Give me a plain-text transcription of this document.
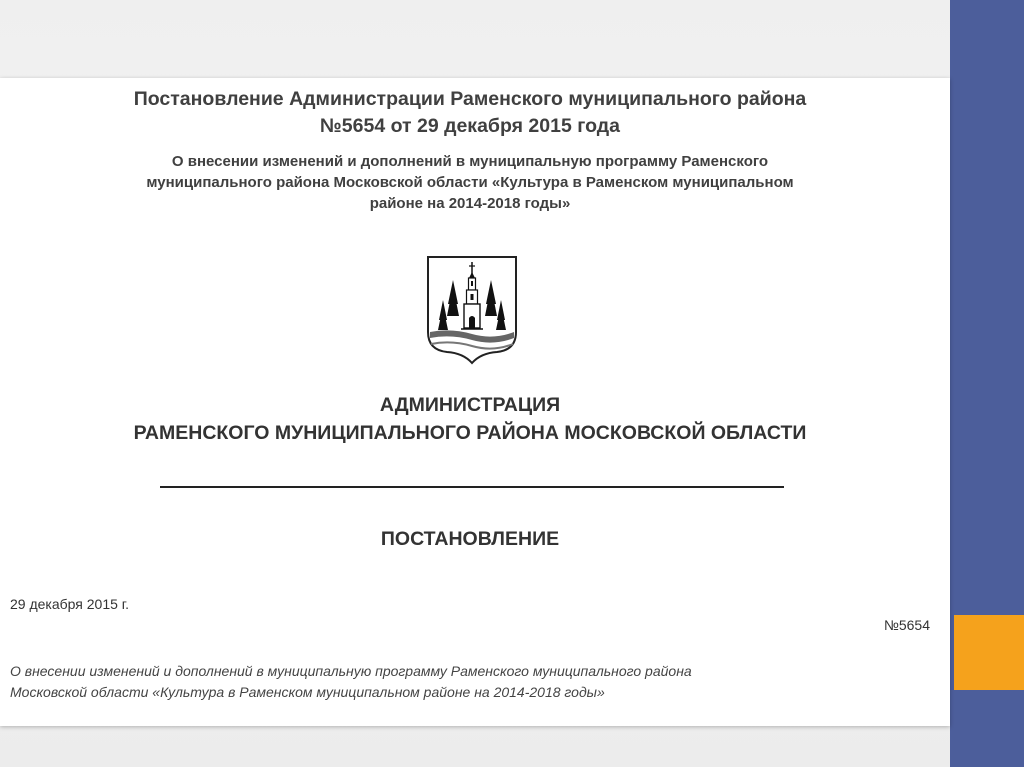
Постановление Администрации Раменского муниципального района
№5654 от 29 декабря 2015 года
О внесении изменений и дополнений в муниципальную программу Раменского
муниципального района Московской области «Культура в Раменском муниципальном
районе на 2014-2018 годы»
АДМИНИСТРАЦИЯ
РАМЕНСКОГО МУНИЦИПАЛЬНОГО РАЙОНА МОСКОВСКОЙ ОБЛАСТИ
ПОСТАНОВЛЕНИЕ
29 декабря 2015 г.
№5654
О внесении изменений и дополнений в муниципальную программу Раменского муниципального района
Московской области «Культура в Раменском муниципальном районе на 2014-2018 годы»
